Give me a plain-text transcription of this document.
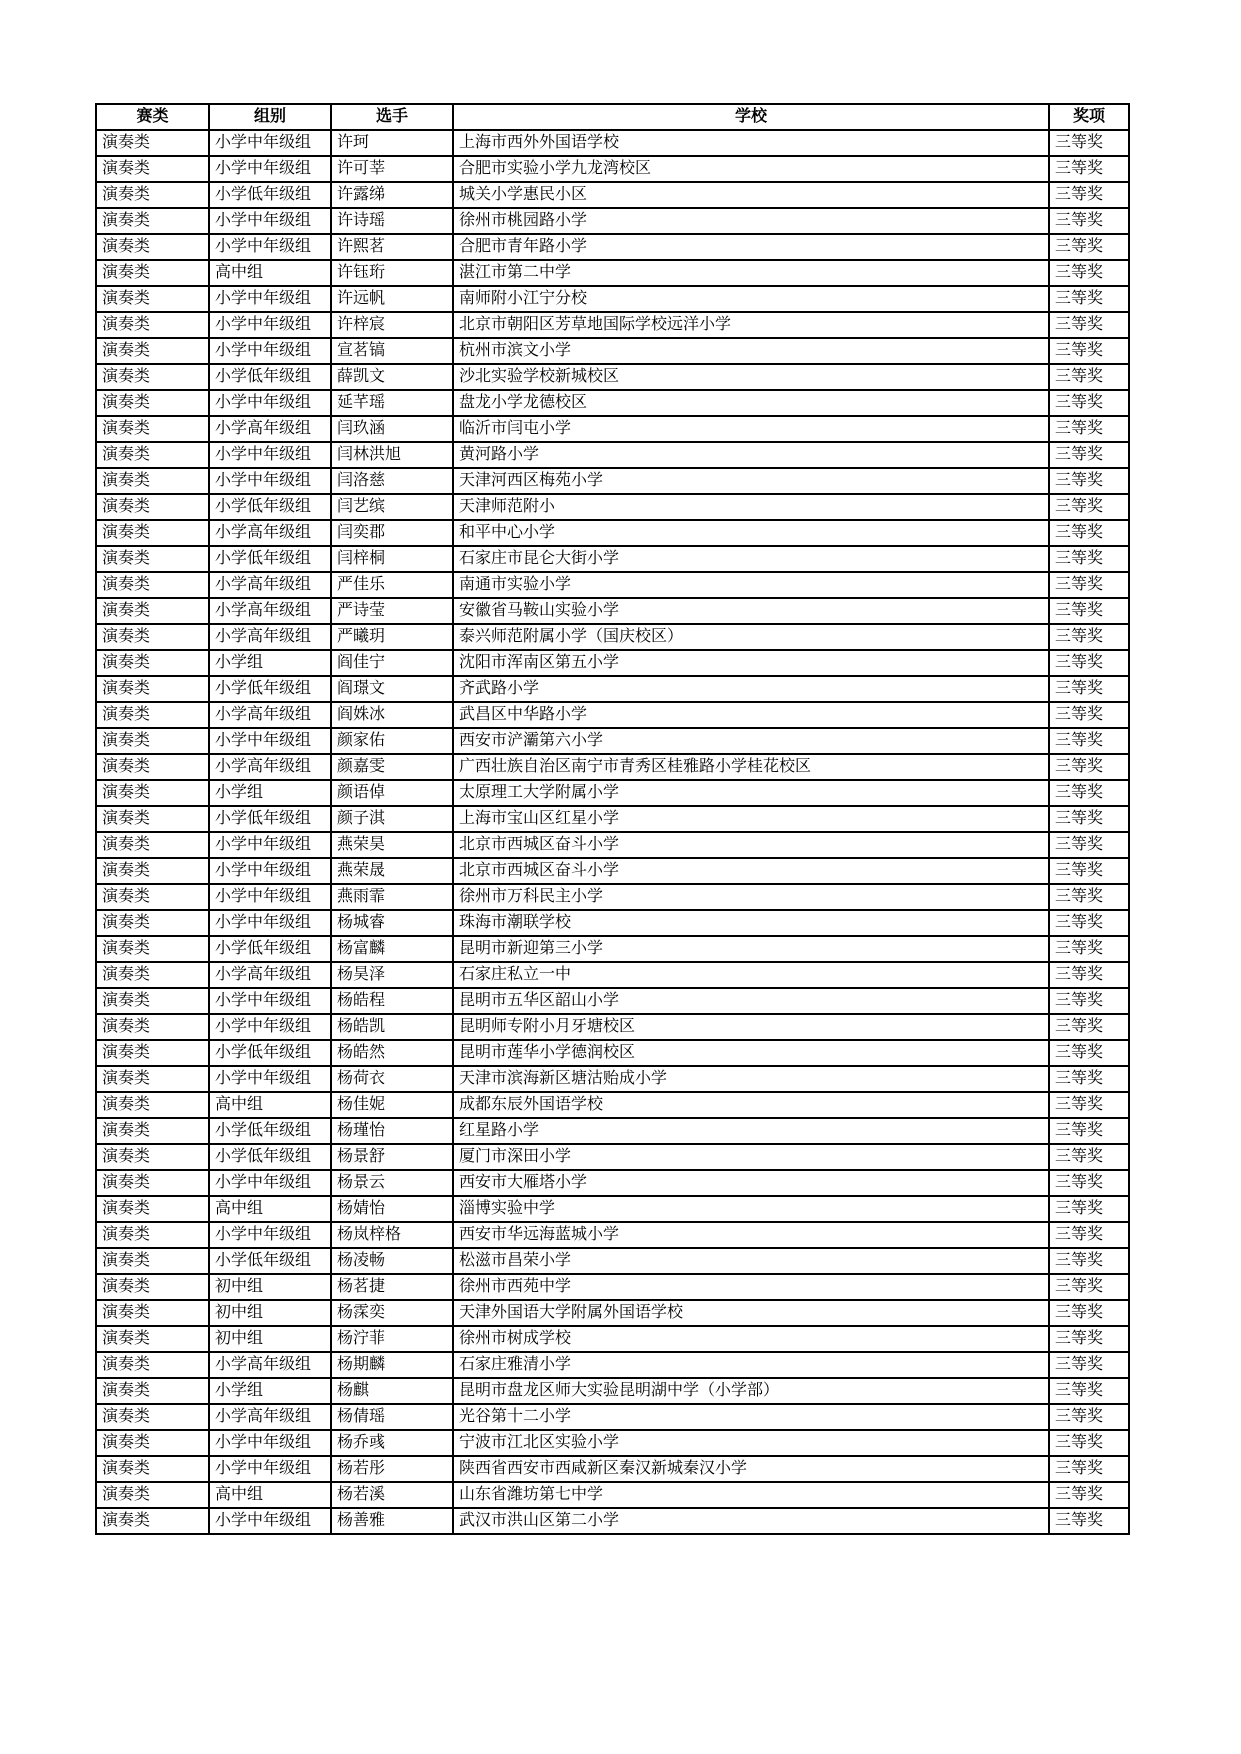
赛类	组别	选手	学校	奖项
演奏类	小学中年级组	许珂	上海市西外外国语学校	三等奖
演奏类	小学中年级组	许可莘	合肥市实验小学九龙湾校区	三等奖
演奏类	小学低年级组	许露绨	城关小学惠民小区	三等奖
演奏类	小学中年级组	许诗瑶	徐州市桃园路小学	三等奖
演奏类	小学中年级组	许熙茗	合肥市青年路小学	三等奖
演奏类	高中组	许钰珩	湛江市第二中学	三等奖
演奏类	小学中年级组	许远帆	南师附小江宁分校	三等奖
演奏类	小学中年级组	许梓宸	北京市朝阳区芳草地国际学校远洋小学	三等奖
演奏类	小学中年级组	宣茗镐	杭州市滨文小学	三等奖
演奏类	小学低年级组	薛凯文	沙北实验学校新城校区	三等奖
演奏类	小学中年级组	延芊瑶	盘龙小学龙德校区	三等奖
演奏类	小学高年级组	闫玖涵	临沂市闫屯小学	三等奖
演奏类	小学中年级组	闫林洪旭	黄河路小学	三等奖
演奏类	小学中年级组	闫洛慈	天津河西区梅苑小学	三等奖
演奏类	小学低年级组	闫艺缤	天津师范附小	三等奖
演奏类	小学高年级组	闫奕郡	和平中心小学	三等奖
演奏类	小学低年级组	闫梓桐	石家庄市昆仑大街小学	三等奖
演奏类	小学高年级组	严佳乐	南通市实验小学	三等奖
演奏类	小学高年级组	严诗莹	安徽省马鞍山实验小学	三等奖
演奏类	小学高年级组	严曦玥	泰兴师范附属小学（国庆校区）	三等奖
演奏类	小学组	阎佳宁	沈阳市浑南区第五小学	三等奖
演奏类	小学低年级组	阎璟文	齐武路小学	三等奖
演奏类	小学高年级组	阎姝冰	武昌区中华路小学	三等奖
演奏类	小学中年级组	颜家佑	西安市浐灞第六小学	三等奖
演奏类	小学高年级组	颜嘉雯	广西壮族自治区南宁市青秀区桂雅路小学桂花校区	三等奖
演奏类	小学组	颜语倬	太原理工大学附属小学	三等奖
演奏类	小学低年级组	颜子淇	上海市宝山区红星小学	三等奖
演奏类	小学中年级组	燕荣昊	北京市西城区奋斗小学	三等奖
演奏类	小学中年级组	燕荣晟	北京市西城区奋斗小学	三等奖
演奏类	小学中年级组	燕雨霏	徐州市万科民主小学	三等奖
演奏类	小学中年级组	杨城睿	珠海市潮联学校	三等奖
演奏类	小学低年级组	杨富麟	昆明市新迎第三小学	三等奖
演奏类	小学高年级组	杨昊泽	石家庄私立一中	三等奖
演奏类	小学中年级组	杨皓程	昆明市五华区韶山小学	三等奖
演奏类	小学中年级组	杨皓凯	昆明师专附小月牙塘校区	三等奖
演奏类	小学低年级组	杨皓然	昆明市莲华小学德润校区	三等奖
演奏类	小学中年级组	杨荷衣	天津市滨海新区塘沽贻成小学	三等奖
演奏类	高中组	杨佳妮	成都东辰外国语学校	三等奖
演奏类	小学低年级组	杨瑾怡	红星路小学	三等奖
演奏类	小学低年级组	杨景舒	厦门市深田小学	三等奖
演奏类	小学中年级组	杨景云	西安市大雁塔小学	三等奖
演奏类	高中组	杨婧怡	淄博实验中学	三等奖
演奏类	小学中年级组	杨岚梓格	西安市华远海蓝城小学	三等奖
演奏类	小学低年级组	杨凌畅	松滋市昌荣小学	三等奖
演奏类	初中组	杨茗捷	徐州市西苑中学	三等奖
演奏类	初中组	杨霂奕	天津外国语大学附属外国语学校	三等奖
演奏类	初中组	杨泞菲	徐州市树成学校	三等奖
演奏类	小学高年级组	杨期麟	石家庄雅清小学	三等奖
演奏类	小学组	杨麒	昆明市盘龙区师大实验昆明湖中学（小学部）	三等奖
演奏类	小学高年级组	杨倩瑶	光谷第十二小学	三等奖
演奏类	小学中年级组	杨乔彧	宁波市江北区实验小学	三等奖
演奏类	小学中年级组	杨若彤	陕西省西安市西咸新区秦汉新城秦汉小学	三等奖
演奏类	高中组	杨若溪	山东省潍坊第七中学	三等奖
演奏类	小学中年级组	杨善雅	武汉市洪山区第二小学	三等奖
